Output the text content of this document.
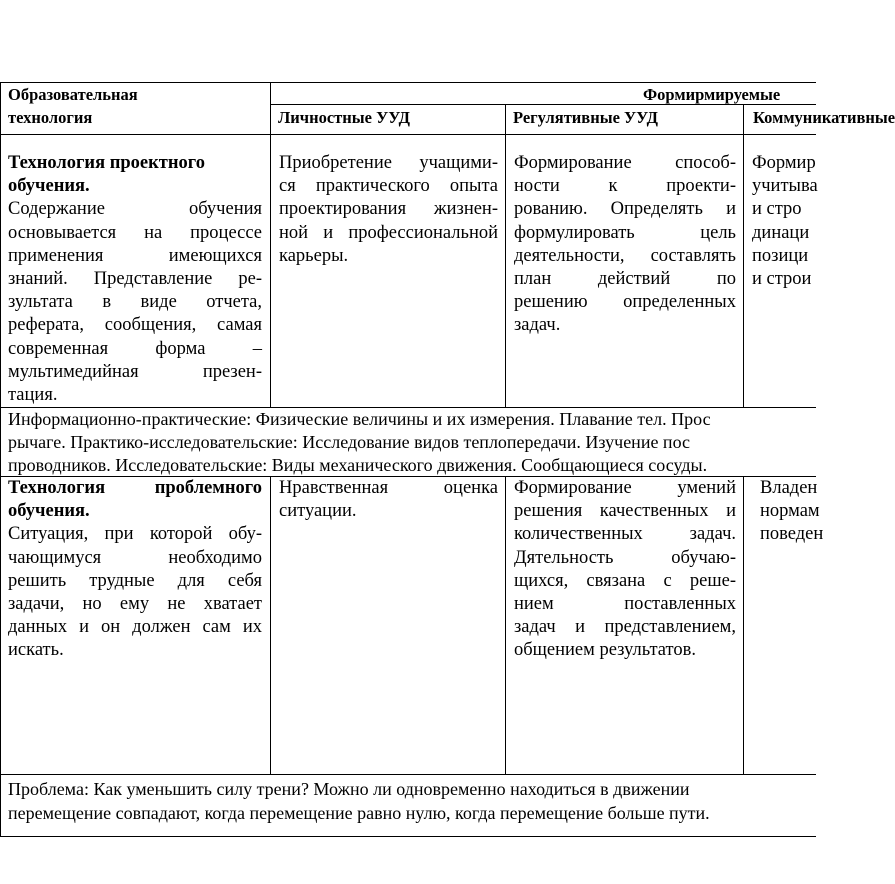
Образовательная
технология
Формирмируемые
Личностные УУД	Регулятивные УУД	Коммуникативные
Технология проектного
обучения.
Содержание обучения
основывается на процессе
применения имеющихся
знаний. Представление ре-
зультата в виде отчета,
реферата, сообщения, самая
современная форма –
мультимедийная презен-
тация.
Приобретение учащими-
ся практического опыта
проектирования жизнен-
ной и профессиональной
карьеры.
Формирование способ-
ности к проекти-
рованию. Определять и
формулировать цель
деятельности, составлять
план действий по
решению определенных
задач.
Формир
учитыва
и стро
динаци
позици
и строи
Информационно-практические: Физические величины и их измерения. Плавание тел. Прос
рычаге. Практико-исследовательские: Исследование видов теплопередачи. Изучение пос
проводников. Исследовательские: Виды механического движения. Сообщающиеся сосуды.
Технология проблемного
обучения.
Ситуация, при которой обу-
чающимуся необходимо
решить трудные для себя
задачи, но ему не хватает
данных и он должен сам их
искать.
Нравственная оценка
ситуации.
Формирование умений
решения качественных и
количественных задач.
Дятельность обучаю-
щихся, связана с реше-
нием поставленных
задач и представлением,
общением результатов.
Владен
нормам
поведен
Проблема: Как уменьшить силу трени? Можно ли одновременно находиться в движении
перемещение совпадают, когда перемещение равно нулю, когда перемещение больше пути.
